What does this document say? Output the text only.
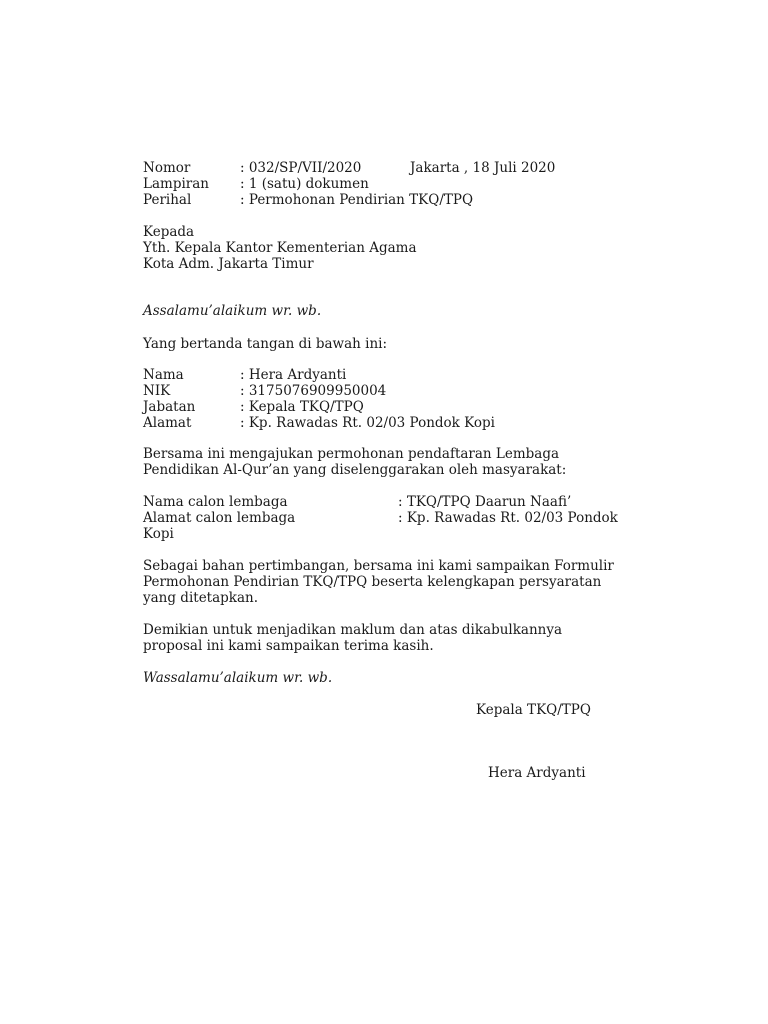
Nomor	: 032/SP/VII/2020	Jakarta , 18 Juli 2020
Lampiran : 1 (satu) dokumen
Perihal	: Permohonan Pendirian TKQ/TPQ
Kepada
Yth. Kepala Kantor Kementerian Agama
Kota Adm. Jakarta Timur
Assalamu’alaikum wr. wb.
Yang bertanda tangan di bawah ini:
Nama	: Hera Ardyanti
NIK	: 3175076909950004
Jabatan	: Kepala TKQ/TPQ
Alamat	: Kp. Rawadas Rt. 02/03 Pondok Kopi
Bersama ini mengajukan permohonan pendaftaran Lembaga
Pendidikan Al-Qur’an yang diselenggarakan oleh masyarakat:
Nama calon lembaga	: TKQ/TPQ Daarun Naafi’
Alamat calon lembaga	: Kp. Rawadas Rt. 02/03 Pondok
Kopi
Sebagai bahan pertimbangan, bersama ini kami sampaikan Formulir
Permohonan Pendirian TKQ/TPQ beserta kelengkapan persyaratan
yang ditetapkan.
Demikian untuk menjadikan maklum dan atas dikabulkannya
proposal ini kami sampaikan terima kasih.
Wassalamu’alaikum wr. wb.
Kepala TKQ/TPQ
Hera Ardyanti
